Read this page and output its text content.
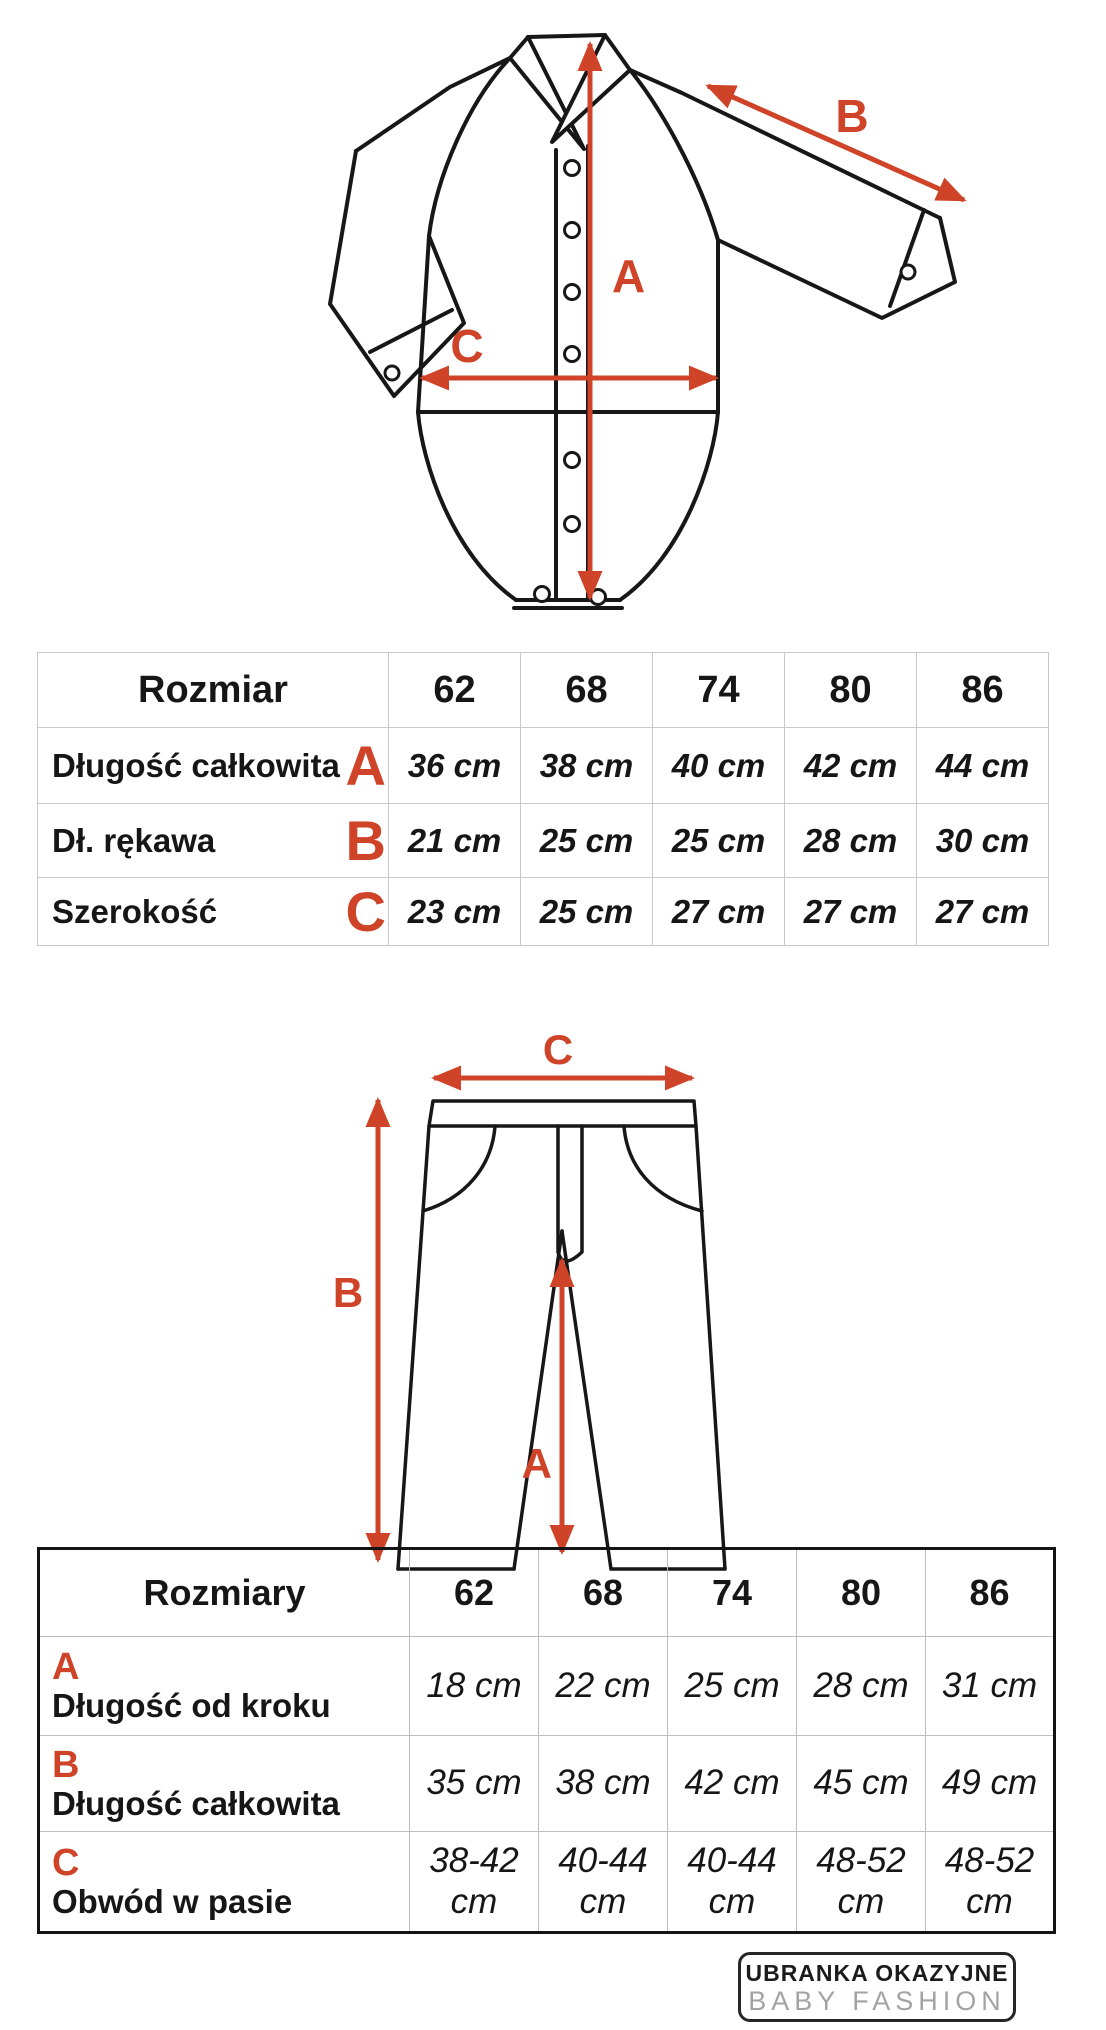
A
B
C
Rozmiar	62	68	74	80	86

Długość całkowita A	36 cm	38 cm	40 cm	42 cm	44 cm

Dł. rękawa B	21 cm	25 cm	25 cm	28 cm	30 cm

Szerokość C	23 cm	25 cm	27 cm	27 cm	27 cm
C
B
A
Rozmiary	62	68	74	80	86

A
Długość od kroku	18 cm	22 cm	25 cm	28 cm	31 cm

B
Długość całkowita	35 cm	38 cm	42 cm	45 cm	49 cm

C
Obwód w pasie	38-42 cm	40-44 cm	40-44 cm	48-52 cm	48-52 cm
UBRANKA OKAZYJNE
BABY FASHION
